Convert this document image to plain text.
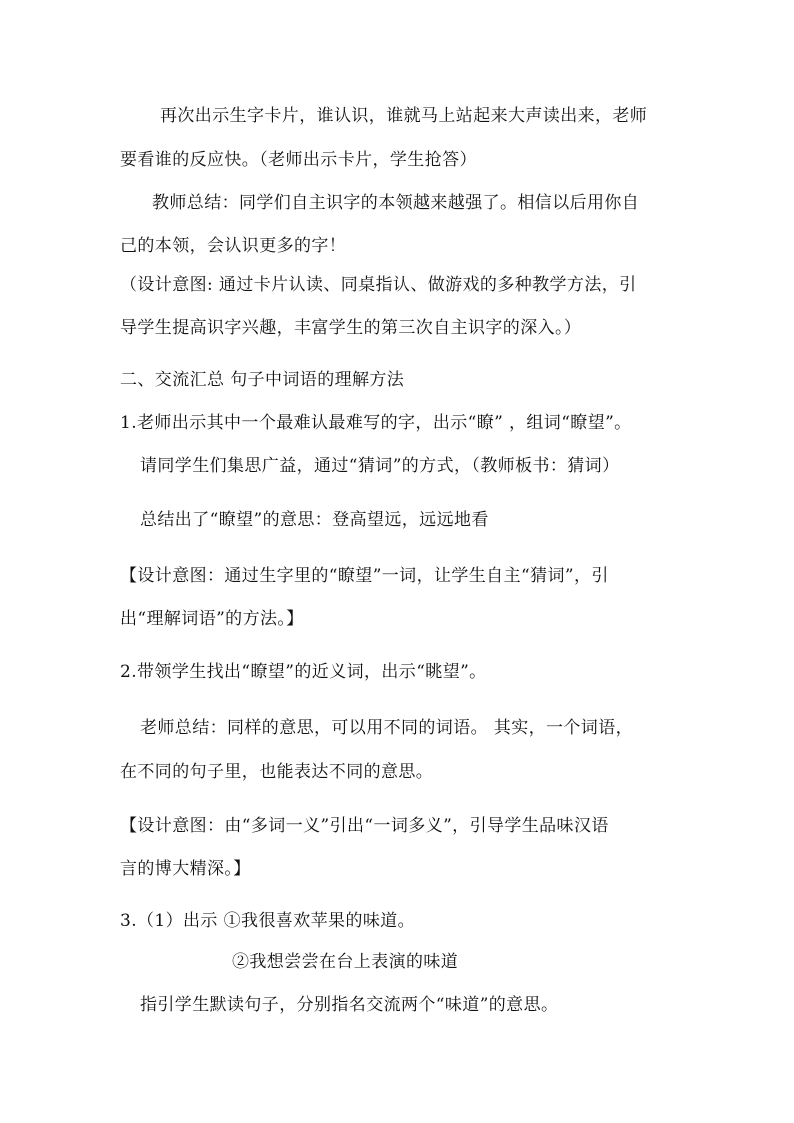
再次出示生字卡片，谁认识，谁就马上站起来大声读出来，老师
要看谁的反应快。（老师出示卡片，学生抢答）
教师总结：同学们自主识字的本领越来越强了。相信以后用你自
己的本领，会认识更多的字！
（设计意图: 通过卡片认读、同桌指认、做游戏的多种教学方法，引
导学生提高识字兴趣，丰富学生的第三次自主识字的深入。）
二、交流汇总 句子中词语的理解方法
1.老师出示其中一个最难认最难写的字，出示“瞭” ，组词“瞭望”。
请同学生们集思广益，通过“猜词”的方式，（教师板书：猜词）
总结出了“瞭望”的意思：登高望远，远远地看
【设计意图：通过生字里的“瞭望”一词，让学生自主“猜词”，引
出“理解词语”的方法。】
2.带领学生找出“瞭望”的近义词，出示“眺望”。
老师总结：同样的意思，可以用不同的词语。 其实，一个词语，
在不同的句子里，也能表达不同的意思。
【设计意图：由“多词一义”引出“一词多义”，引导学生品味汉语
言的博大精深。】
3.（1）出示 ①我很喜欢苹果的味道。
②我想尝尝在台上表演的味道
指引学生默读句子，分别指名交流两个“味道”的意思。
